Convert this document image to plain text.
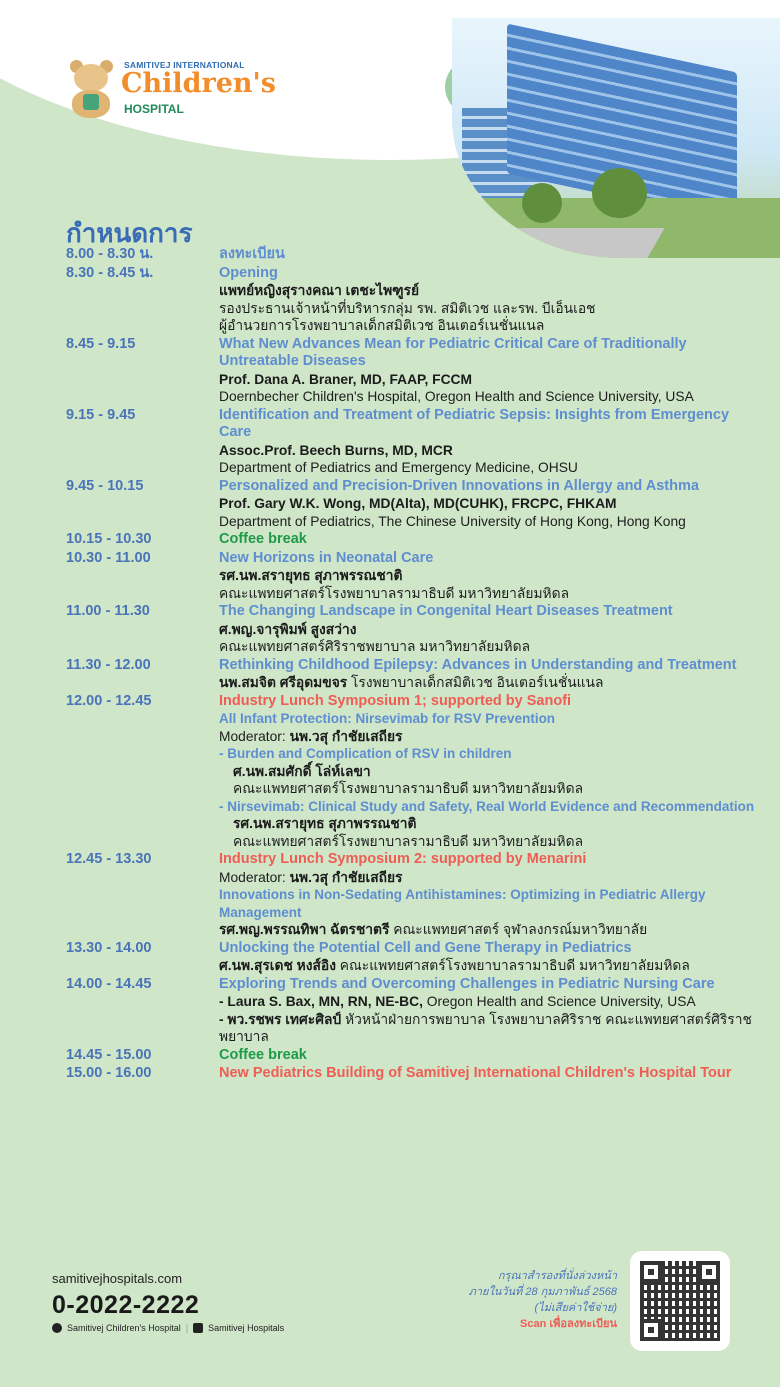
SAMITIVEJ INTERNATIONAL
Children's
HOSPITAL
กำหนดการ
8.00 - 8.30 น.	ลงทะเบียน
8.30 - 8.45 น.	Opening
แพทย์หญิงสุรางคณา เตชะไพฑูรย์
รองประธานเจ้าหน้าที่บริหารกลุ่ม รพ. สมิติเวช และรพ. บีเอ็นเอช
ผู้อำนวยการโรงพยาบาลเด็กสมิติเวช อินเตอร์เนชั่นแนล
8.45 - 9.15	What New Advances Mean for Pediatric Critical Care of Traditionally Untreatable Diseases
Prof. Dana A. Braner, MD, FAAP, FCCM
Doernbecher Children's Hospital, Oregon Health and Science University, USA
9.15 - 9.45	Identification and Treatment of Pediatric Sepsis: Insights from Emergency Care
Assoc.Prof. Beech Burns, MD, MCR
Department of Pediatrics and Emergency Medicine, OHSU
9.45 - 10.15	Personalized and Precision-Driven Innovations in Allergy and Asthma
Prof. Gary W.K. Wong, MD(Alta), MD(CUHK), FRCPC, FHKAM
Department of Pediatrics, The Chinese University of Hong Kong, Hong Kong
10.15 - 10.30	Coffee break
10.30 - 11.00	New Horizons in Neonatal Care
รศ.นพ.สรายุทธ สุภาพรรณชาติ
คณะแพทยศาสตร์โรงพยาบาลรามาธิบดี มหาวิทยาลัยมหิดล
11.00 - 11.30	The Changing Landscape in Congenital Heart Diseases Treatment
ศ.พญ.จารุพิมพ์ สูงสว่าง
คณะแพทยศาสตร์ศิริราชพยาบาล มหาวิทยาลัยมหิดล
11.30 - 12.00	Rethinking Childhood Epilepsy: Advances in Understanding and Treatment
นพ.สมจิต ศรีอุดมขจร โรงพยาบาลเด็กสมิติเวช อินเตอร์เนชั่นแนล
12.00 - 12.45	Industry Lunch Symposium 1; supported by Sanofi
All Infant Protection: Nirsevimab for RSV Prevention
Moderator: นพ.วสุ กำชัยเสถียร
- Burden and Complication of RSV in children
ศ.นพ.สมศักดิ์ โล่ห์เลขา
คณะแพทยศาสตร์โรงพยาบาลรามาธิบดี มหาวิทยาลัยมหิดล
- Nirsevimab: Clinical Study and Safety, Real World Evidence and Recommendation
รศ.นพ.สรายุทธ สุภาพรรณชาติ
คณะแพทยศาสตร์โรงพยาบาลรามาธิบดี มหาวิทยาลัยมหิดล
12.45 - 13.30	Industry Lunch Symposium 2: supported by Menarini
Moderator: นพ.วสุ กำชัยเสถียร
Innovations in Non-Sedating Antihistamines: Optimizing in Pediatric Allergy Management
รศ.พญ.พรรณทิพา ฉัตรชาตรี คณะแพทยศาสตร์ จุฬาลงกรณ์มหาวิทยาลัย
13.30 - 14.00	Unlocking the Potential Cell and Gene Therapy in Pediatrics
ศ.นพ.สุรเดช หงส์อิง คณะแพทยศาสตร์โรงพยาบาลรามาธิบดี มหาวิทยาลัยมหิดล
14.00 - 14.45	Exploring Trends and Overcoming Challenges in Pediatric Nursing Care
- Laura S. Bax, MN, RN, NE-BC, Oregon Health and Science University, USA
- พว.รชพร เทศะศิลป์ หัวหน้าฝ่ายการพยาบาล โรงพยาบาลศิริราช คณะแพทยศาสตร์ศิริราชพยาบาล
14.45 - 15.00	Coffee break
15.00 - 16.00	New Pediatrics Building of Samitivej International Children's Hospital Tour
samitivejhospitals.com
0-2022-2222
Samitivej Children's Hospital | Samitivej Hospitals
กรุณาสำรองที่นั่งล่วงหน้า
ภายในวันที่ 28 กุมภาพันธ์ 2568
(ไม่เสียค่าใช้จ่าย)
Scan เพื่อลงทะเบียน
